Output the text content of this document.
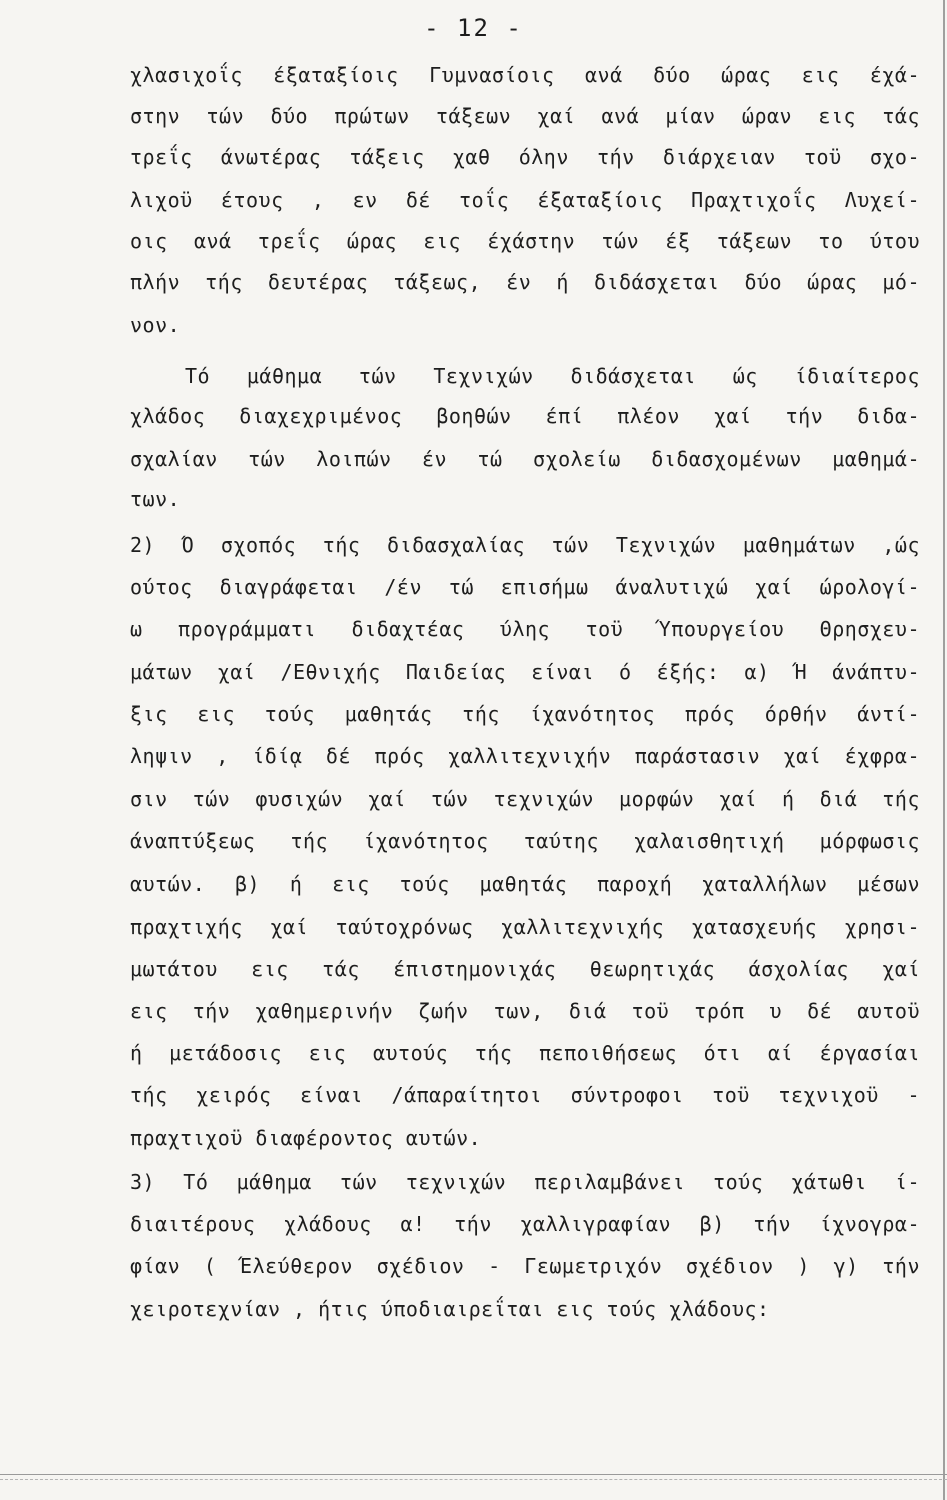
- 12 -
χλασιχοΐς έξαταξίοις Γυμνασίοις ανά δύο ώρας εις έχά-
στην τών δύο πρώτων τάξεων χαί ανά μίαν ώραν εις τάς
τρεΐς άνωτέρας τάξεις χαθ όλην τήν διάρχειαν τοϋ σχο-
λιχοϋ έτους , εν δέ τοΐς έξαταξίοις Πραχτιχοΐς Λυχεί-
οις ανά τρεΐς ώρας εις έχάστην τών έξ τάξεων το ύτου
πλήν τής δευτέρας τάξεως, έν ή διδάσχεται δύο ώρας μό-
νον.
Τό μάθημα τών Τεχνιχών διδάσχεται ώς ίδιαίτερος
χλάδος διαχεχριμένος βοηθών έπί πλέον χαί τήν διδα-
σχαλίαν τών λοιπών έν τώ σχολείω διδασχομένων μαθημά-
των.
2) Ό σχοπός τής διδασχαλίας τών Τεχνιχών μαθημάτων ,ώς
ούτος διαγράφεται /έν τώ επισήμω άναλυτιχώ χαί ώρολογί-
ω προγράμματι διδαχτέας ύλης τοϋ Ύπουργείου Θρησχευ-
μάτων χαί /Εθνιχής Παιδείας είναι ό έξής: α) Ή άνάπτυ-
ξις εις τούς μαθητάς τής ίχανότητος πρός όρθήν άντί-
ληψιν , ίδίᾳ δέ πρός χαλλιτεχνιχήν παράστασιν χαί έχφρα-
σιν τών φυσιχών χαί τών τεχνιχών μορφών χαί ή διά τής
άναπτύξεως τής ίχανότητος ταύτης χαλαισθητιχή μόρφωσις
αυτών. β) ή εις τούς μαθητάς παροχή χαταλλήλων μέσων
πραχτιχής χαί ταύτοχρόνως χαλλιτεχνιχής χατασχευής χρησι-
μωτάτου εις τάς έπιστημονιχάς θεωρητιχάς άσχολίας χαί
εις τήν χαθημερινήν ζωήν των, διά τοϋ τρόπ υ δέ αυτοϋ
ή μετάδοσις εις αυτούς τής πεποιθήσεως ότι αί έργασίαι
τής χειρός είναι /άπαραίτητοι σύντροφοι τοϋ τεχνιχοϋ -
πραχτιχοϋ διαφέροντος αυτών.
3) Τό μάθημα τών τεχνιχών περιλαμβάνει τούς χάτωθι ί-
διαιτέρους χλάδους α! τήν χαλλιγραφίαν β) τήν ίχνογρα-
φίαν ( Έλεύθερον σχέδιον - Γεωμετριχόν σχέδιον ) γ) τήν
χειροτεχνίαν , ήτις ύποδιαιρεΐται εις τούς χλάδους:
